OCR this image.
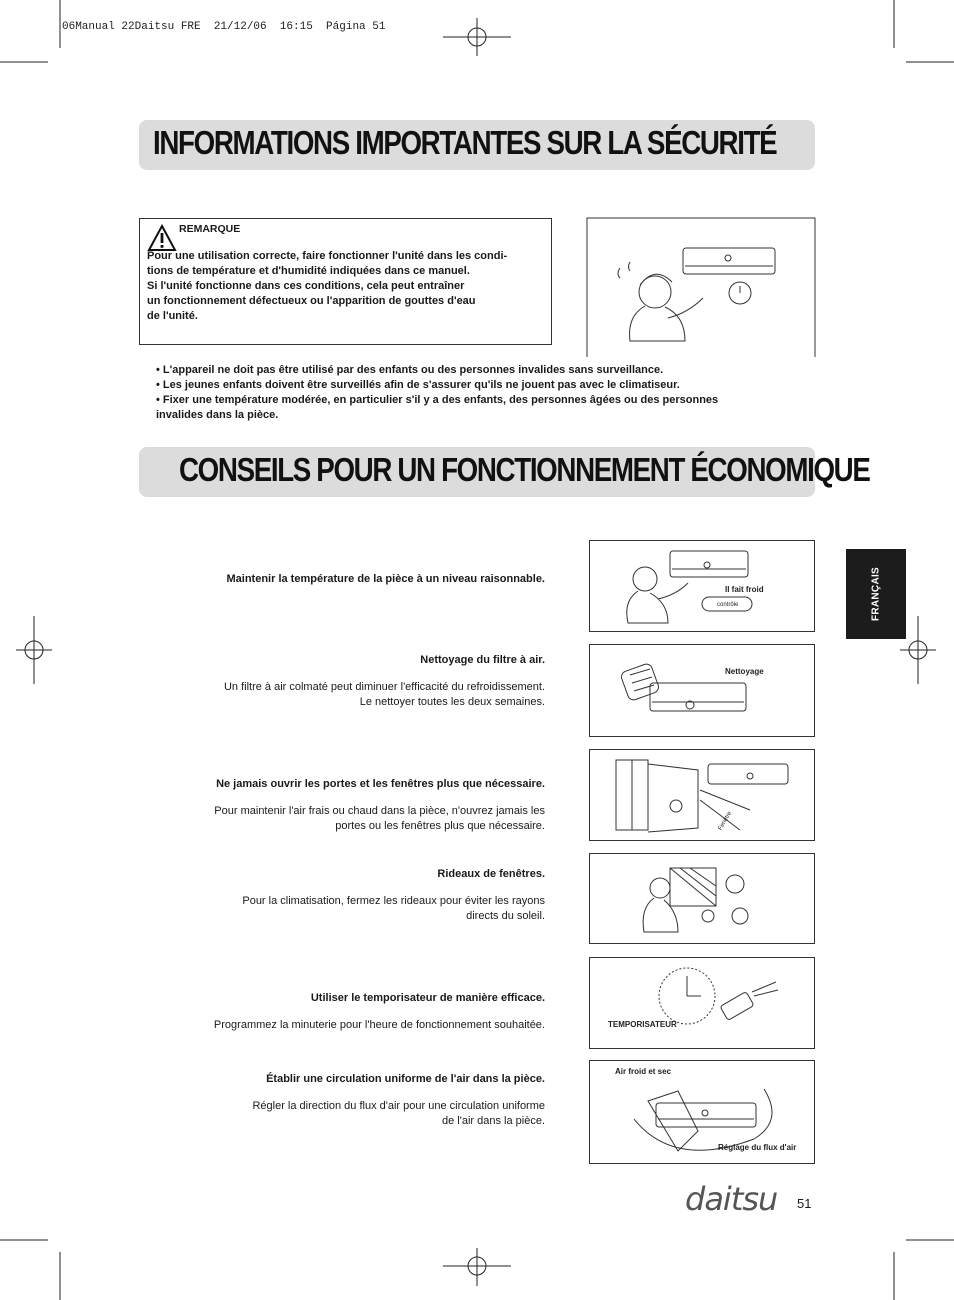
06Manual 22Daitsu FRE  21/12/06  16:15  Página 51
INFORMATIONS IMPORTANTES SUR LA SÉCURITÉ
REMARQUE
Pour une utilisation correcte, faire fonctionner l'unité dans les condi-
tions de température et d'humidité indiquées dans ce manuel.
Si l'unité fonctionne dans ces conditions, cela peut entraîner
un fonctionnement défectueux ou l'apparition de gouttes d'eau
de l'unité.
• L'appareil ne doit pas être utilisé par des enfants ou des personnes invalides sans surveillance.
• Les jeunes enfants doivent être surveillés afin de s'assurer qu'ils ne jouent pas avec le climatiseur.
• Fixer une température modérée, en particulier s'il y a des enfants, des personnes âgées ou des personnes
invalides dans la pièce.
CONSEILS POUR UN FONCTIONNEMENT ÉCONOMIQUE
Maintenir la température de la pièce à un niveau raisonnable.
Nettoyage du filtre à air.
Un filtre à air colmaté peut diminuer l'efficacité du refroidissement.
Le nettoyer toutes les deux semaines.
Ne jamais ouvrir les portes et les fenêtres plus que nécessaire.
Pour maintenir l'air frais ou chaud dans la pièce, n'ouvrez jamais les
portes ou les fenêtres plus que nécessaire.
Rideaux de fenêtres.
Pour la climatisation, fermez les rideaux pour éviter les rayons
directs du soleil.
Utiliser le temporisateur de manière efficace.
Programmez la minuterie pour l'heure de fonctionnement souhaitée.
Établir une circulation uniforme de l'air dans la pièce.
Régler la direction du flux d'air pour une circulation uniforme
de l'air dans la pièce.
Il fait froid
contrôle
Nettoyage
Fenêtre
TEMPORISATEUR
Air froid et sec
Réglage du flux d'air
FRANÇAIS
daitsu 51
